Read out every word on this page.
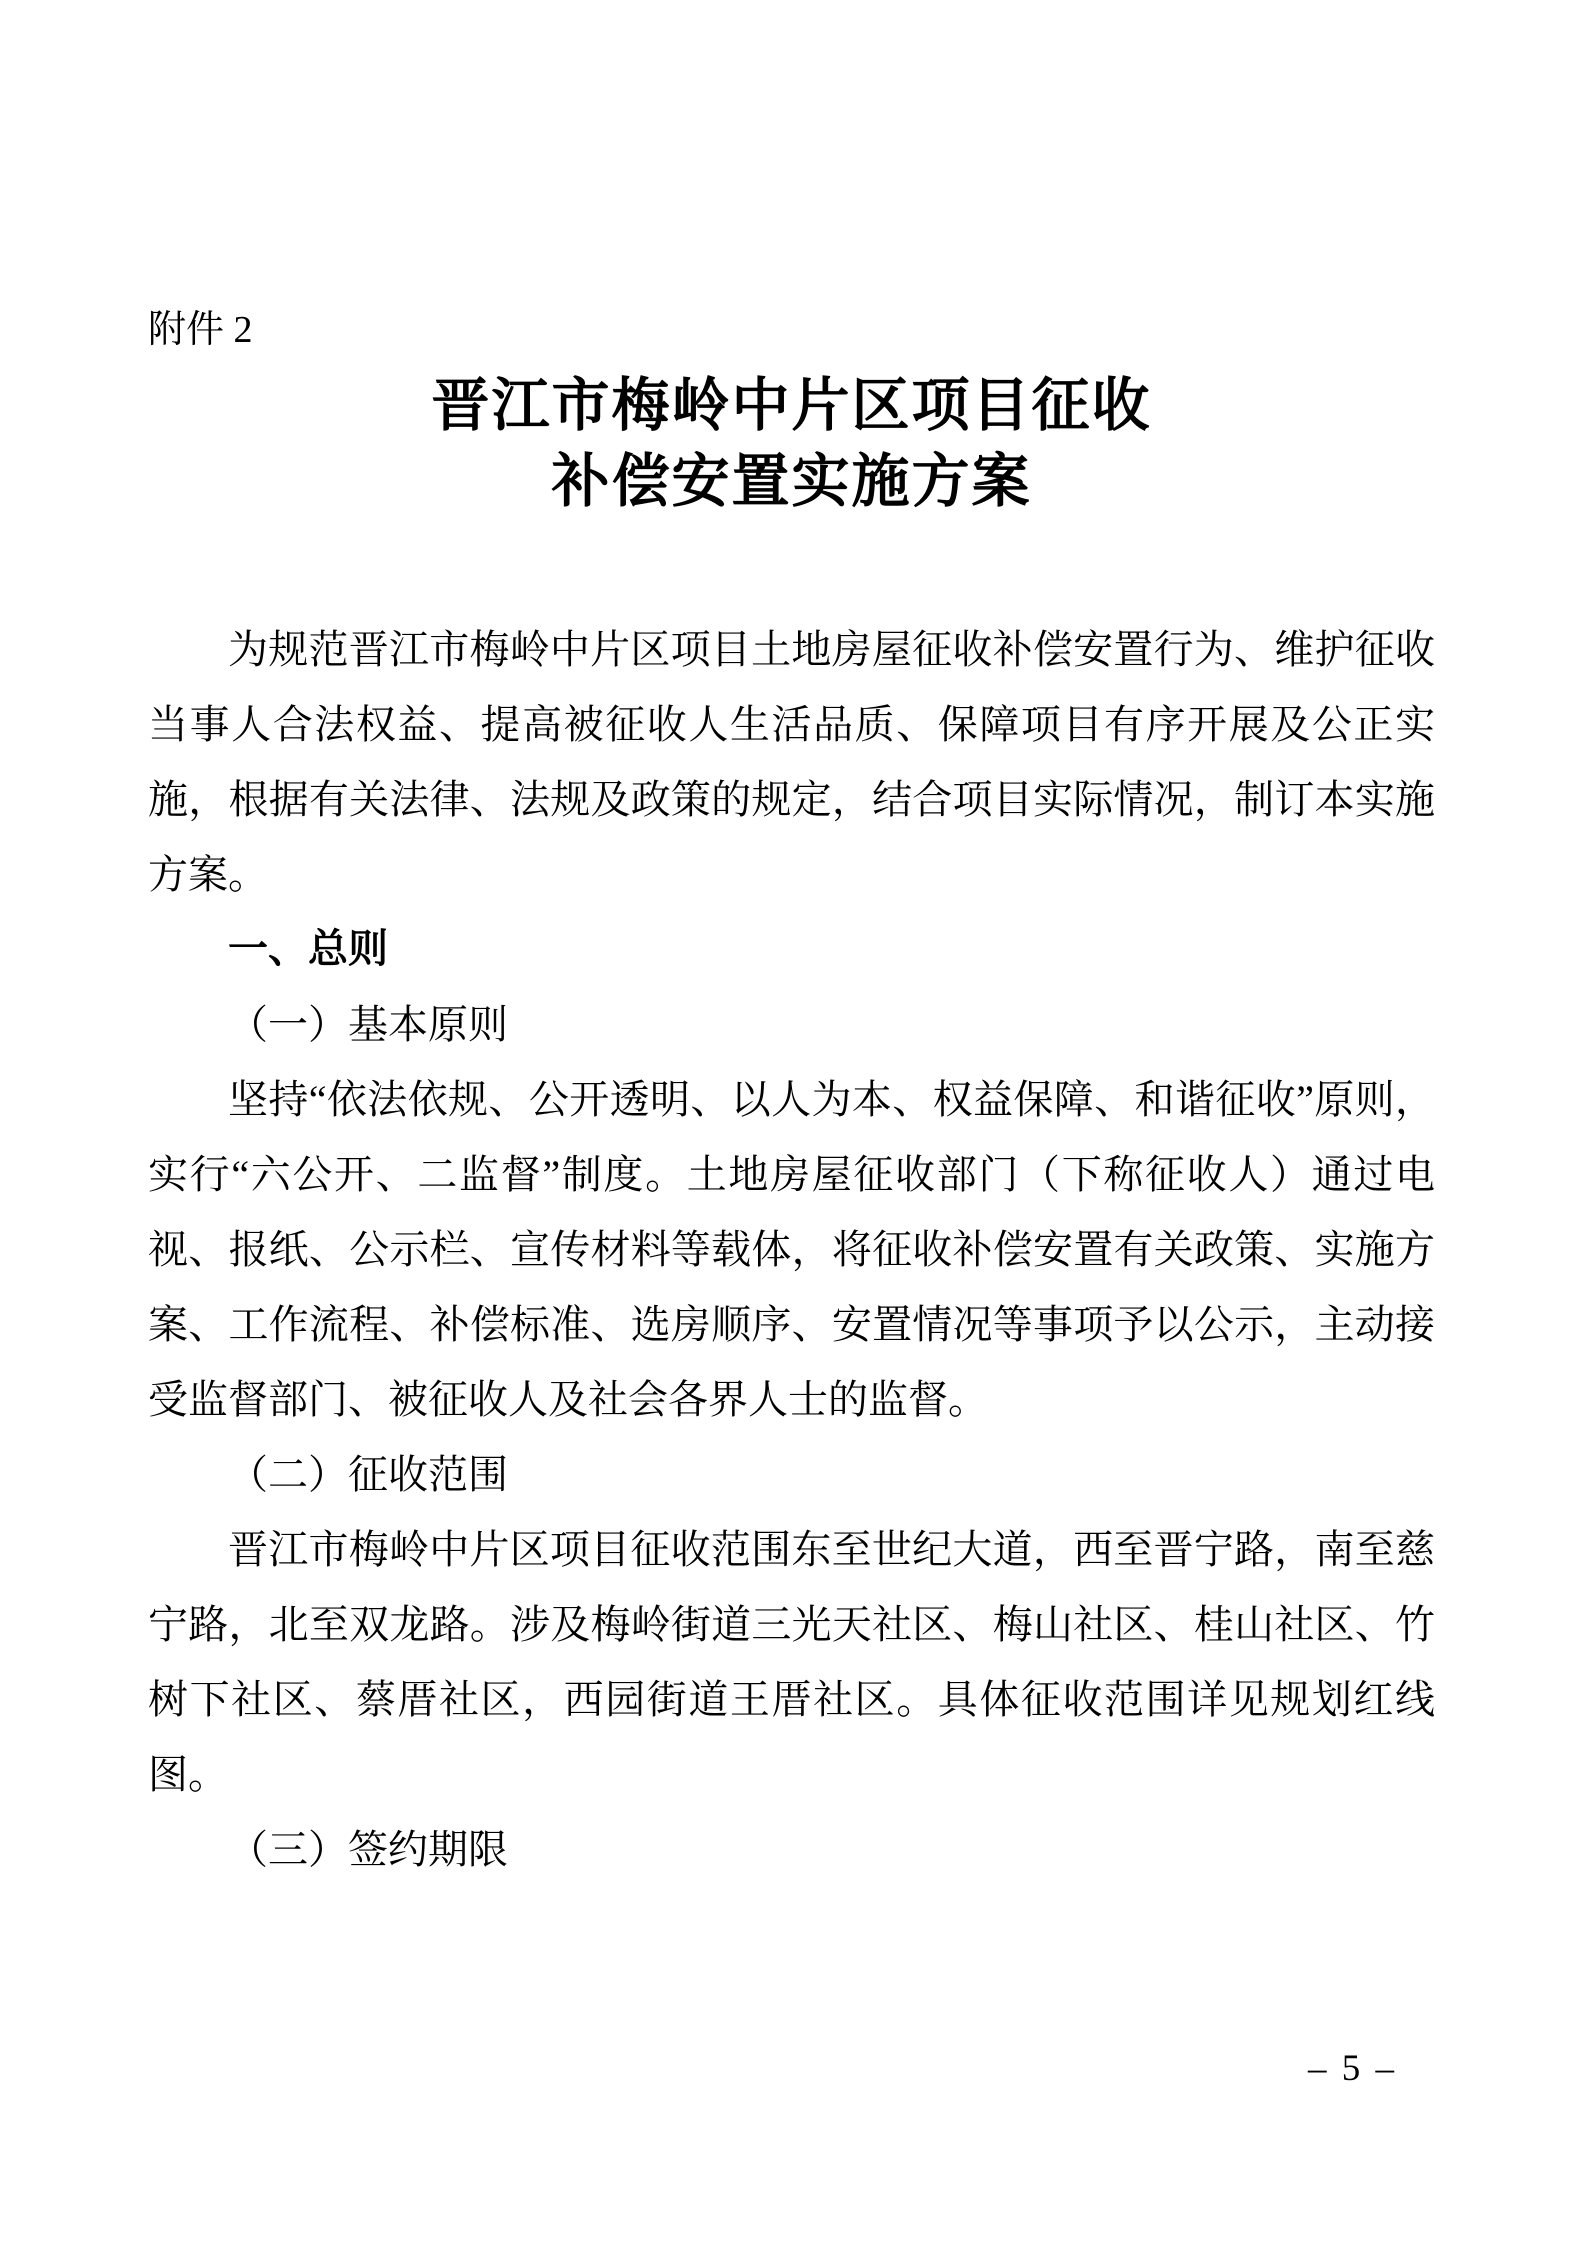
附件 2

晋江市梅岭中片区项目征收
补偿安置实施方案

为规范晋江市梅岭中片区项目土地房屋征收补偿安置行为、维护征收当事人合法权益、提高被征收人生活品质、保障项目有序开展及公正实施，根据有关法律、法规及政策的规定，结合项目实际情况，制订本实施方案。

一、总则

（一）基本原则

坚持“依法依规、公开透明、以人为本、权益保障、和谐征收”原则，实行“六公开、二监督”制度。土地房屋征收部门（下称征收人）通过电视、报纸、公示栏、宣传材料等载体，将征收补偿安置有关政策、实施方案、工作流程、补偿标准、选房顺序、安置情况等事项予以公示，主动接受监督部门、被征收人及社会各界人士的监督。

（二）征收范围

晋江市梅岭中片区项目征收范围东至世纪大道，西至晋宁路，南至慈宁路，北至双龙路。涉及梅岭街道三光天社区、梅山社区、桂山社区、竹树下社区、蔡厝社区，西园街道王厝社区。具体征收范围详见规划红线图。

（三）签约期限

– 5 –
